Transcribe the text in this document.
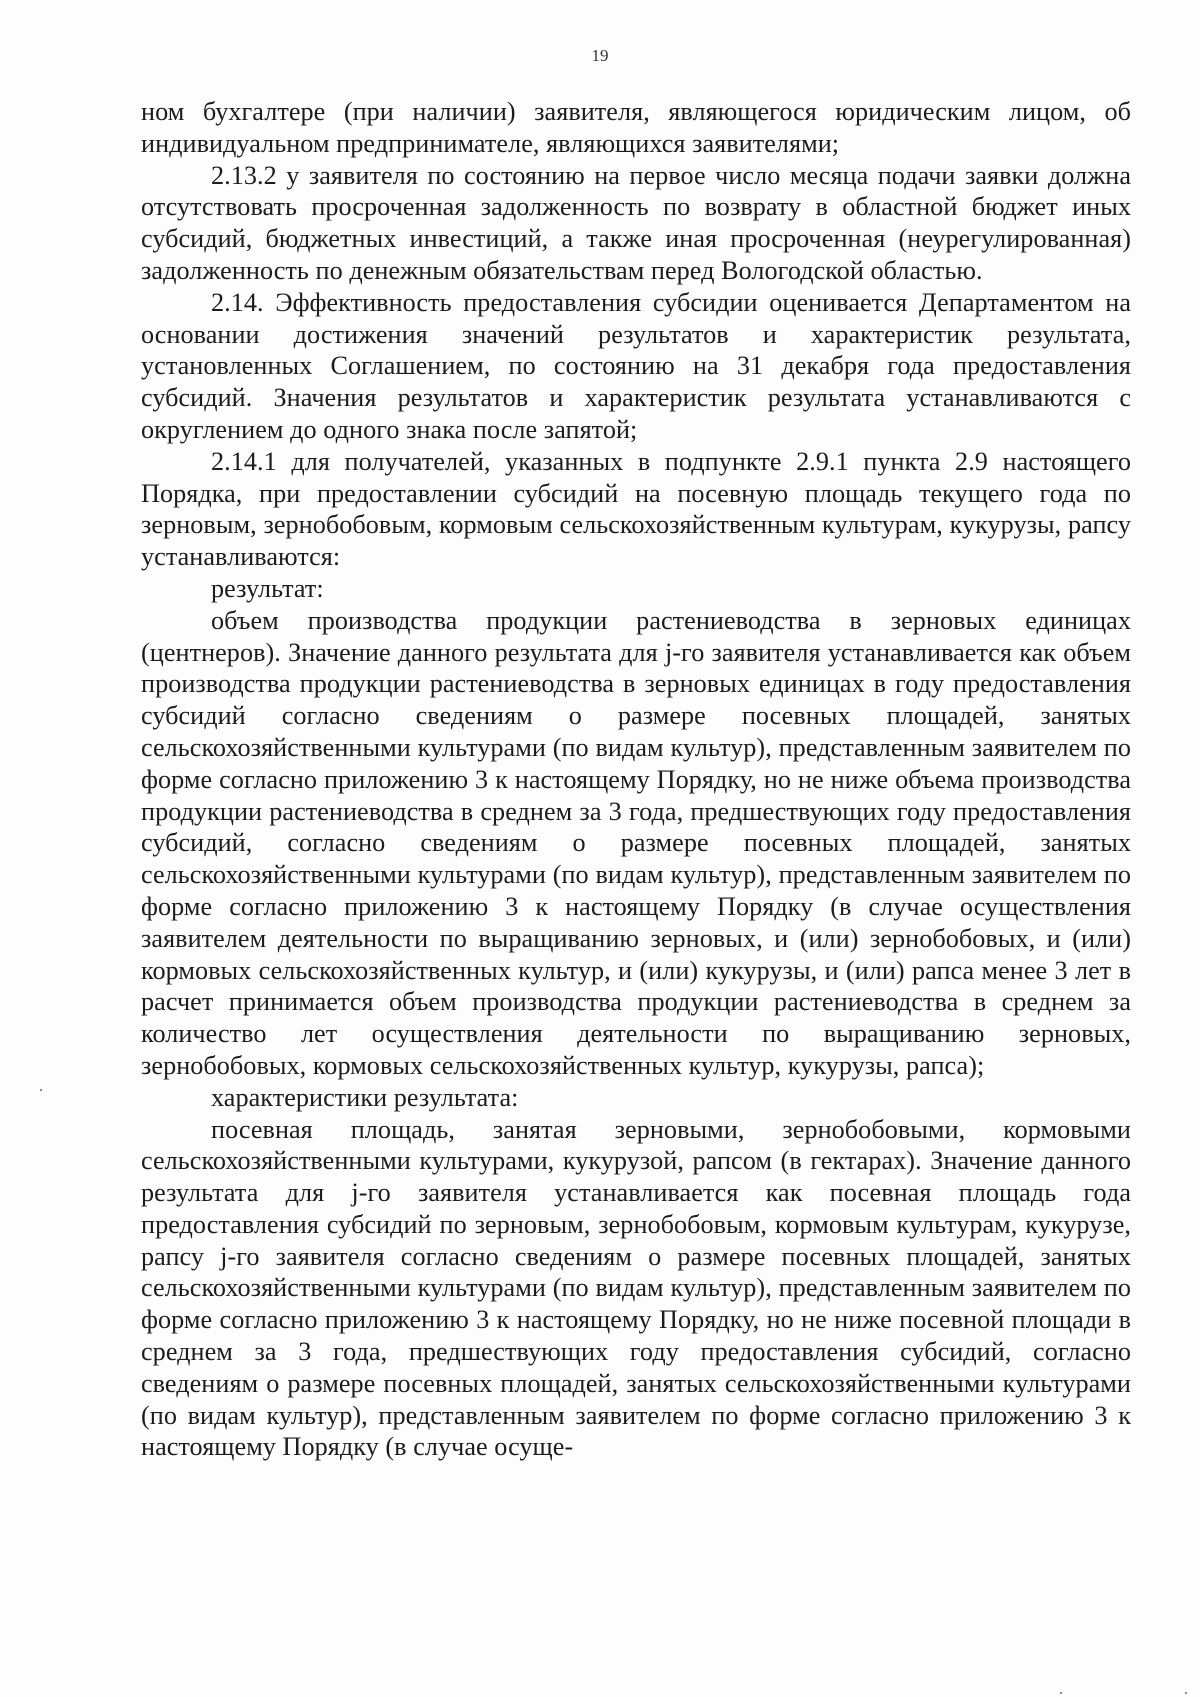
19

ном бухгалтере (при наличии) заявителя, являющегося юридическим лицом, об индивидуальном предпринимателе, являющихся заявителями;

2.13.2 у заявителя по состоянию на первое число месяца подачи заявки должна отсутствовать просроченная задолженность по возврату в областной бюджет иных субсидий, бюджетных инвестиций, а также иная просроченная (неурегулированная) задолженность по денежным обязательствам перед Вологодской областью.

2.14. Эффективность предоставления субсидии оценивается Департаментом на основании достижения значений результатов и характеристик результата, установленных Соглашением, по состоянию на 31 декабря года предоставления субсидий. Значения результатов и характеристик результата устанавливаются с округлением до одного знака после запятой;

2.14.1 для получателей, указанных в подпункте 2.9.1 пункта 2.9 настоящего Порядка, при предоставлении субсидий на посевную площадь текущего года по зерновым, зернобобовым, кормовым сельскохозяйственным культурам, кукурузы, рапсу устанавливаются:

результат:

объем производства продукции растениеводства в зерновых единицах (центнеров). Значение данного результата для j-го заявителя устанавливается как объем производства продукции растениеводства в зерновых единицах в году предоставления субсидий согласно сведениям о размере посевных площадей, занятых сельскохозяйственными культурами (по видам культур), представленным заявителем по форме согласно приложению 3 к настоящему Порядку, но не ниже объема производства продукции растениеводства в среднем за 3 года, предшествующих году предоставления субсидий, согласно сведениям о размере посевных площадей, занятых сельскохозяйственными культурами (по видам культур), представленным заявителем по форме согласно приложению 3 к настоящему Порядку (в случае осуществления заявителем деятельности по выращиванию зерновых, и (или) зернобобовых, и (или) кормовых сельскохозяйственных культур, и (или) кукурузы, и (или) рапса менее 3 лет в расчет принимается объем производства продукции растениеводства в среднем за количество лет осуществления деятельности по выращиванию зерновых, зернобобовых, кормовых сельскохозяйственных культур, кукурузы, рапса);

характеристики результата:

посевная площадь, занятая зерновыми, зернобобовыми, кормовыми сельскохозяйственными культурами, кукурузой, рапсом (в гектарах). Значение данного результата для j-го заявителя устанавливается как посевная площадь года предоставления субсидий по зерновым, зернобобовым, кормовым культурам, кукурузе, рапсу j-го заявителя согласно сведениям о размере посевных площадей, занятых сельскохозяйственными культурами (по видам культур), представленным заявителем по форме согласно приложению 3 к настоящему Порядку, но не ниже посевной площади в среднем за 3 года, предшествующих году предоставления субсидий, согласно сведениям о размере посевных площадей, занятых сельскохозяйственными культурами (по видам культур), представленным заявителем по форме согласно приложению 3 к настоящему Порядку (в случае осуще-
